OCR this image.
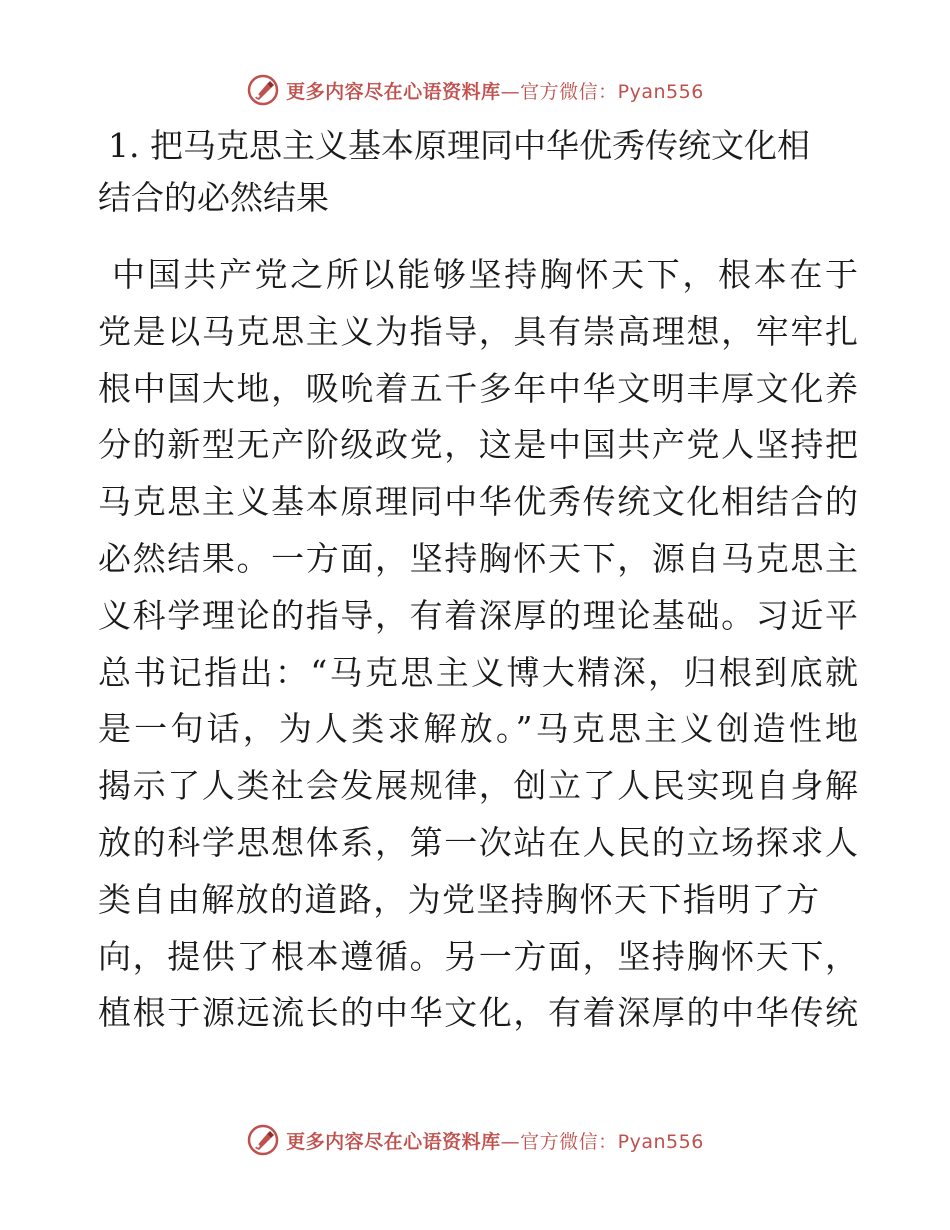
更多内容尽在心语资料库—官方微信：Pyan556
1. 把马克思主义基本原理同中华优秀传统文化相
结合的必然结果
中国共产党之所以能够坚持胸怀天下，根本在于
党是以马克思主义为指导，具有崇高理想，牢牢扎
根中国大地，吸吮着五千多年中华文明丰厚文化养
分的新型无产阶级政党，这是中国共产党人坚持把
马克思主义基本原理同中华优秀传统文化相结合的
必然结果。一方面，坚持胸怀天下，源自马克思主
义科学理论的指导，有着深厚的理论基础。习近平
总书记指出：“马克思主义博大精深，归根到底就
是一句话，为人类求解放。”马克思主义创造性地
揭示了人类社会发展规律，创立了人民实现自身解
放的科学思想体系，第一次站在人民的立场探求人
类自由解放的道路，为党坚持胸怀天下指明了方
向，提供了根本遵循。另一方面，坚持胸怀天下，
植根于源远流长的中华文化，有着深厚的中华传统
更多内容尽在心语资料库—官方微信：Pyan556
